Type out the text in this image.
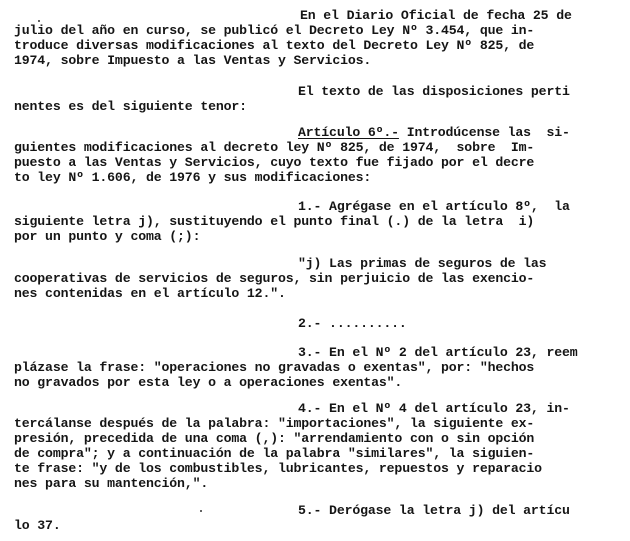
En el Diario Oficial de fecha 25 de

julio del año en curso, se publicó el Decreto Ley Nº 3.454, que in-

troduce diversas modificaciones al texto del Decreto Ley Nº 825, de

1974, sobre Impuesto a las Ventas y Servicios.

El texto de las disposiciones perti

nentes es del siguiente tenor:

Artículo 6º.- Introdúcense las  si-

guientes modificaciones al decreto ley Nº 825, de 1974,  sobre  Im-

puesto a las Ventas y Servicios, cuyo texto fue fijado por el decre

to ley Nº 1.606, de 1976 y sus modificaciones:

1.- Agrégase en el artículo 8º,  la

siguiente letra j), sustituyendo el punto final (.) de la letra  i)

por un punto y coma (;):

"j) Las primas de seguros de las

cooperativas de servicios de seguros, sin perjuicio de las exencio-

nes contenidas en el artículo 12.".

2.- ..........

3.- En el Nº 2 del artículo 23, reem

plázase la frase: "operaciones no gravadas o exentas", por: "hechos

no gravados por esta ley o a operaciones exentas".

4.- En el Nº 4 del artículo 23, in-

tercálanse después de la palabra: "importaciones", la siguiente ex-

presión, precedida de una coma (,): "arrendamiento con o sin opción

de compra"; y a continuación de la palabra "similares", la siguien-

te frase: "y de los combustibles, lubricantes, repuestos y reparacio

nes para su mantención,".

5.- Derógase la letra j) del artícu

lo 37.
